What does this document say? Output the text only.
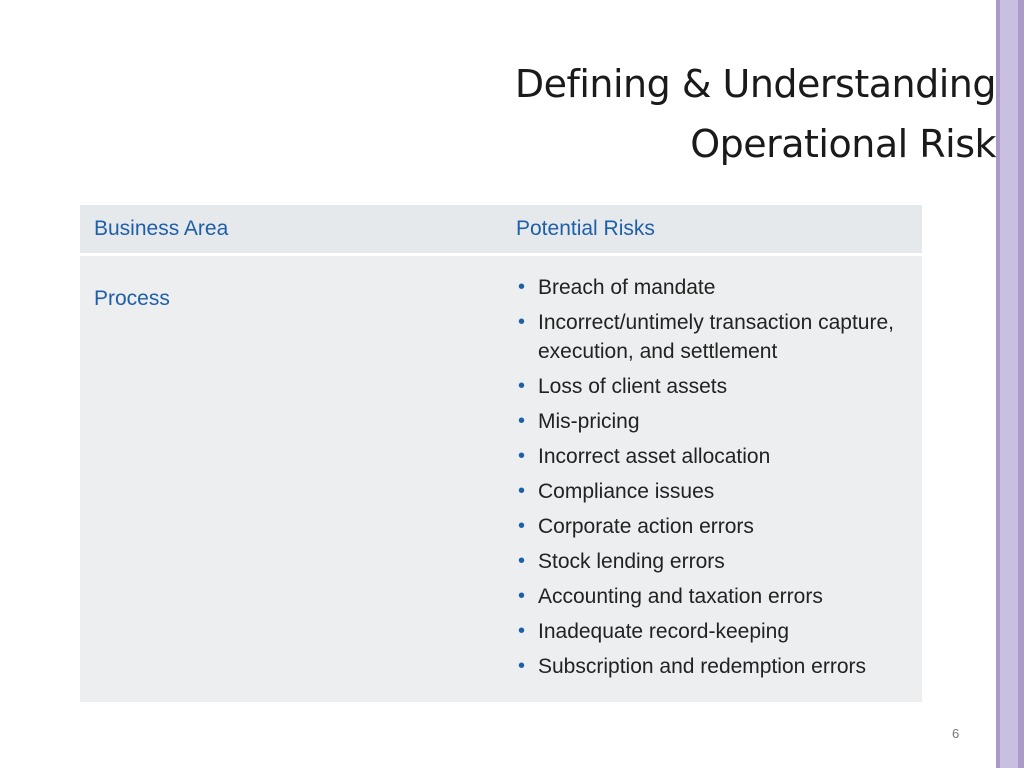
Defining & Understanding
Operational Risk
Business Area	Potential Risks
Process	• Breach of mandate
• Incorrect/untimely transaction capture, execution, and settlement
• Loss of client assets
• Mis-pricing
• Incorrect asset allocation
• Compliance issues
• Corporate action errors
• Stock lending errors
• Accounting and taxation errors
• Inadequate record-keeping
• Subscription and redemption errors
6
